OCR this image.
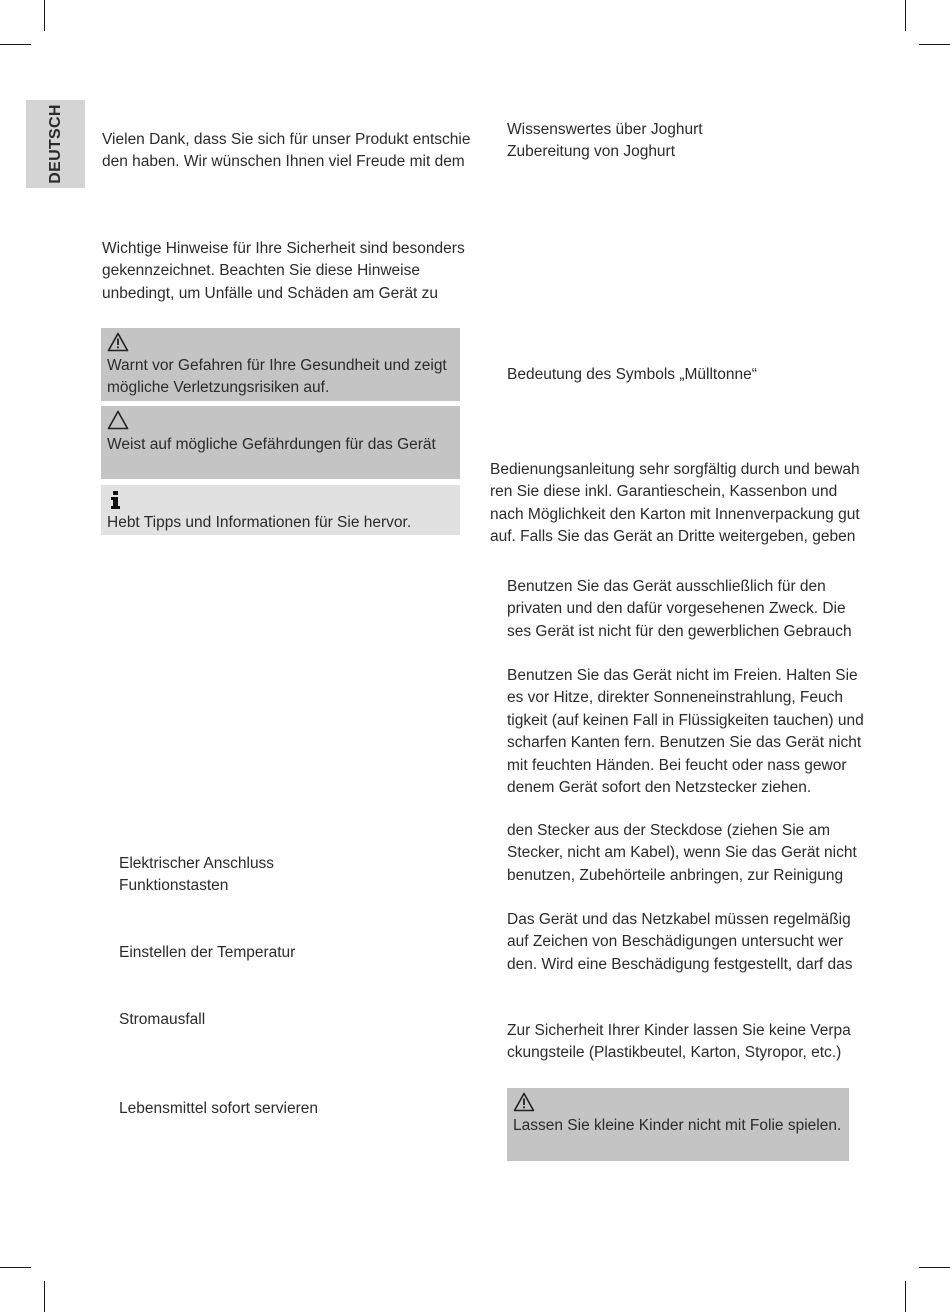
DEUTSCH Vielen Dank, dass Sie sich für unser Produkt entschie
den haben. Wir wünschen Ihnen viel Freude mit dem
Wichtige Hinweise für Ihre Sicherheit sind besonders
gekennzeichnet. Beachten Sie diese Hinweise
unbedingt, um Unfälle und Schäden am Gerät zu
Warnt vor Gefahren für Ihre Gesundheit und zeigt
mögliche Verletzungsrisiken auf.
Weist auf mögliche Gefährdungen für das Gerät
Hebt Tipps und Informationen für Sie hervor.
Elektrischer Anschluss
Funktionstasten
Einstellen der Temperatur
Stromausfall
Lebensmittel sofort servieren
Wissenswertes über Joghurt
Zubereitung von Joghurt
Bedeutung des Symbols „Mülltonne“
Bedienungsanleitung sehr sorgfältig durch und bewah
ren Sie diese inkl. Garantieschein, Kassenbon und
nach Möglichkeit den Karton mit Innenverpackung gut
auf. Falls Sie das Gerät an Dritte weitergeben, geben
Benutzen Sie das Gerät ausschließlich für den
privaten und den dafür vorgesehenen Zweck. Die
ses Gerät ist nicht für den gewerblichen Gebrauch
Benutzen Sie das Gerät nicht im Freien. Halten Sie
es vor Hitze, direkter Sonneneinstrahlung, Feuch
tigkeit (auf keinen Fall in Flüssigkeiten tauchen) und
scharfen Kanten fern. Benutzen Sie das Gerät nicht
mit feuchten Händen. Bei feucht oder nass gewor
denem Gerät sofort den Netzstecker ziehen.
den Stecker aus der Steckdose (ziehen Sie am
Stecker, nicht am Kabel), wenn Sie das Gerät nicht
benutzen, Zubehörteile anbringen, zur Reinigung
Das Gerät und das Netzkabel müssen regelmäßig
auf Zeichen von Beschädigungen untersucht wer
den. Wird eine Beschädigung festgestellt, darf das
Zur Sicherheit Ihrer Kinder lassen Sie keine Verpa
ckungsteile (Plastikbeutel, Karton, Styropor, etc.)
Lassen Sie kleine Kinder nicht mit Folie spielen.
